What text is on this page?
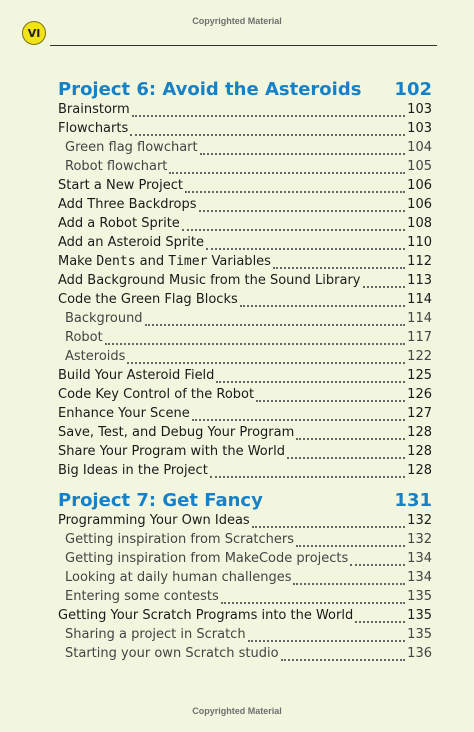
Copyrighted Material
VI
Project 6: Avoid the Asteroids 102
Brainstorm	103
Flowcharts	103
Green flag flowchart	104
Robot flowchart	105
Start a New Project	106
Add Three Backdrops	106
Add a Robot Sprite	108
Add an Asteroid Sprite	110
Make Dents and Timer Variables	112
Add Background Music from the Sound Library	113
Code the Green Flag Blocks	114
Background	114
Robot	117
Asteroids	122
Build Your Asteroid Field	125
Code Key Control of the Robot	126
Enhance Your Scene	127
Save, Test, and Debug Your Program	128
Share Your Program with the World	128
Big Ideas in the Project	128
Project 7: Get Fancy	131
Programming Your Own Ideas	132
Getting inspiration from Scratchers	132
Getting inspiration from MakeCode projects	134
Looking at daily human challenges	134
Entering some contests	135
Getting Your Scratch Programs into the World	135
Sharing a project in Scratch	135
Starting your own Scratch studio	136
Copyrighted Material
